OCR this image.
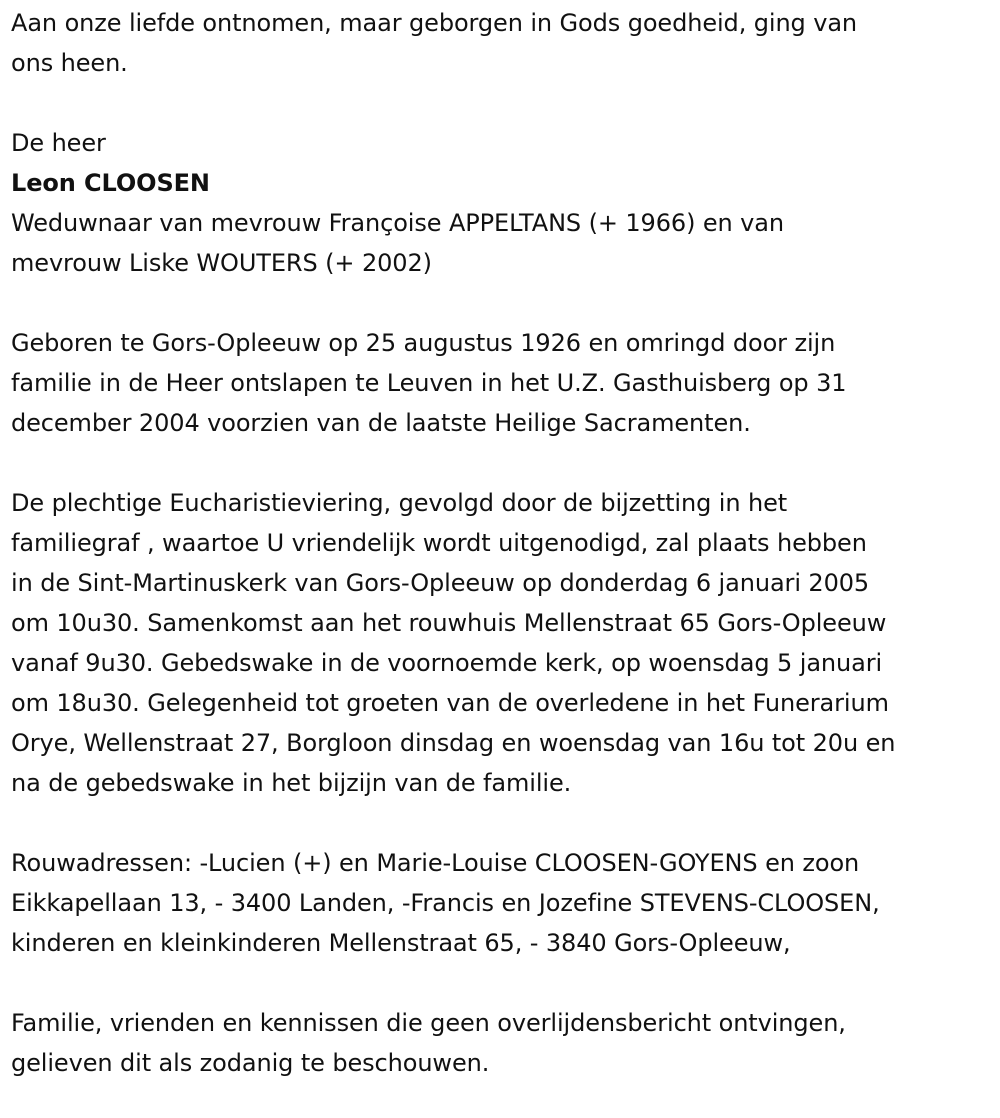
Aan onze liefde ontnomen, maar geborgen in Gods goedheid, ging van
ons heen.

De heer

Leon CLOOSEN

Weduwnaar van mevrouw Françoise APPELTANS (+ 1966) en van
mevrouw Liske WOUTERS (+ 2002)

Geboren te Gors-Opleeuw op 25 augustus 1926 en omringd door zijn
familie in de Heer ontslapen te Leuven in het U.Z. Gasthuisberg op 31
december 2004 voorzien van de laatste Heilige Sacramenten.

De plechtige Eucharistieviering, gevolgd door de bijzetting in het
familiegraf , waartoe U vriendelijk wordt uitgenodigd, zal plaats hebben
in de Sint-Martinuskerk van Gors-Opleeuw op donderdag 6 januari 2005
om 10u30. Samenkomst aan het rouwhuis Mellenstraat 65 Gors-Opleeuw
vanaf 9u30. Gebedswake in de voornoemde kerk, op woensdag 5 januari
om 18u30. Gelegenheid tot groeten van de overledene in het Funerarium
Orye, Wellenstraat 27, Borgloon dinsdag en woensdag van 16u tot 20u en
na de gebedswake in het bijzijn van de familie.

Rouwadressen: -Lucien (+) en Marie-Louise CLOOSEN-GOYENS en zoon
Eikkapellaan 13, - 3400 Landen, -Francis en Jozefine STEVENS-CLOOSEN,
kinderen en kleinkinderen Mellenstraat 65, - 3840 Gors-Opleeuw,

Familie, vrienden en kennissen die geen overlijdensbericht ontvingen,
gelieven dit als zodanig te beschouwen.
